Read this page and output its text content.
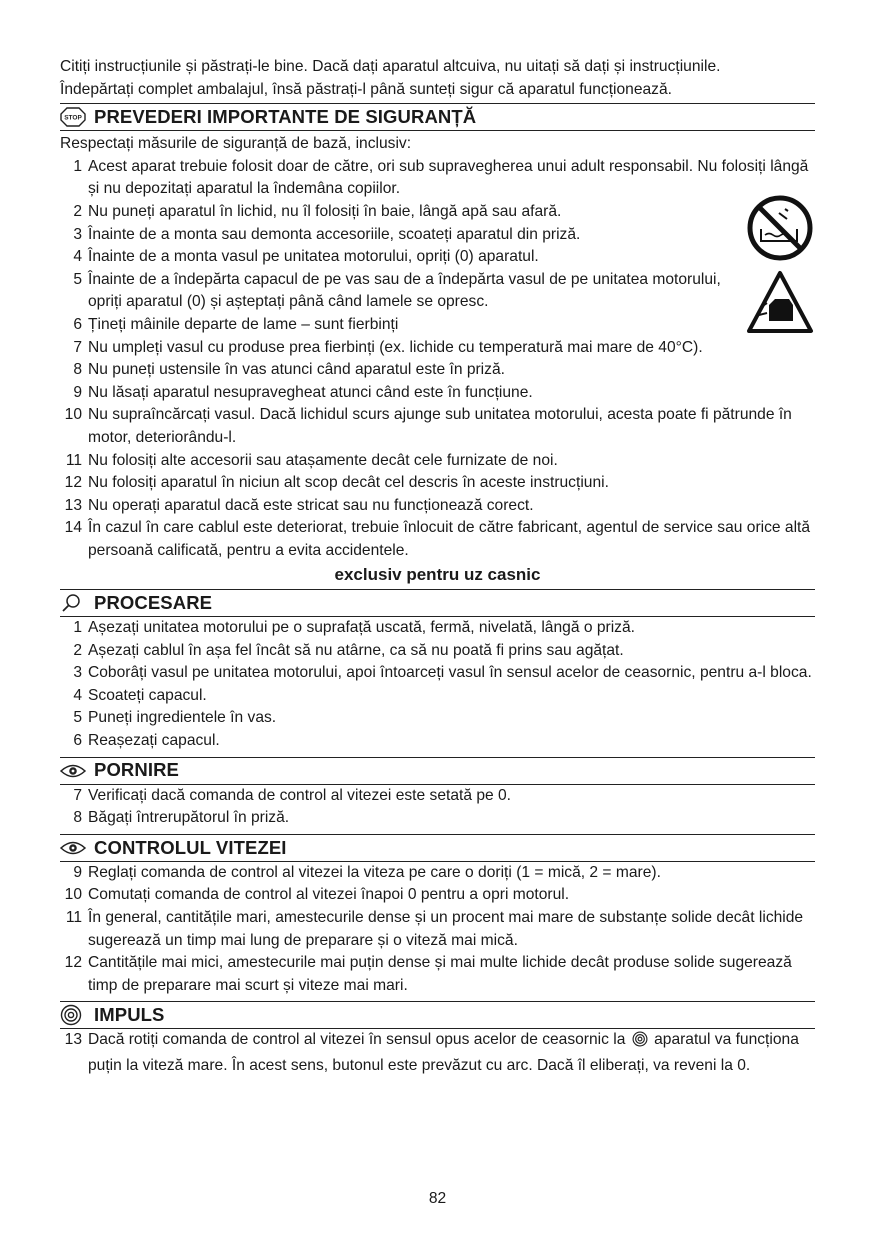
Citiți instrucțiunile și păstrați-le bine. Dacă dați aparatul altcuiva, nu uitați să dați și instrucțiunile.

Îndepărtați complet ambalajul, însă păstrați-l până sunteți sigur că aparatul funcționează.

STOP PREVEDERI IMPORTANTE DE SIGURANȚĂ

Respectați măsurile de siguranță de bază, inclusiv:

1 Acest aparat trebuie folosit doar de către, ori sub supravegherea unui adult responsabil. Nu folosiți lângă și nu depozitați aparatul la îndemâna copiilor.
2 Nu puneți aparatul în lichid, nu îl folosiți în baie, lângă apă sau afară.
3 Înainte de a monta sau demonta accesoriile, scoateți aparatul din priză.
4 Înainte de a monta vasul pe unitatea motorului, opriți (0) aparatul.
5 Înainte de a îndepărta capacul de pe vas sau de a îndepărta vasul de pe unitatea motorului, opriți aparatul (0) și așteptați până când lamele se opresc.
6 Țineți mâinile departe de lame – sunt fierbinți
7 Nu umpleți vasul cu produse prea fierbinți (ex. lichide cu temperatură mai mare de 40°C).
8 Nu puneți ustensile în vas atunci când aparatul este în priză.
9 Nu lăsați aparatul nesupravegheat atunci când este în funcțiune.
10 Nu supraîncărcați vasul. Dacă lichidul scurs ajunge sub unitatea motorului, acesta poate fi pătrunde în motor, deteriorându-l.
11 Nu folosiți alte accesorii sau atașamente decât cele furnizate de noi.
12 Nu folosiți aparatul în niciun alt scop decât cel descris în aceste instrucțiuni.
13 Nu operați aparatul dacă este stricat sau nu funcționează corect.
14 În cazul în care cablul este deteriorat, trebuie înlocuit de către fabricant, agentul de service sau orice altă persoană calificată, pentru a evita accidentele.

exclusiv pentru uz casnic

PROCESARE
1 Așezați unitatea motorului pe o suprafață uscată, fermă, nivelată, lângă o priză.
2 Așezați cablul în așa fel încât să nu atârne, ca să nu poată fi prins sau agățat.
3 Coborâți vasul pe unitatea motorului, apoi întoarceți vasul în sensul acelor de ceasornic, pentru a-l bloca.
4 Scoateți capacul.
5 Puneți ingredientele în vas.
6 Reașezați capacul.
PORNIRE
7 Verificați dacă comanda de control al vitezei este setată pe 0.
8 Băgați întrerupătorul în priză.
CONTROLUL VITEZEI
9 Reglați comanda de control al vitezei la viteza pe care o doriți (1 = mică, 2 = mare).
10 Comutați comanda de control al vitezei înapoi 0 pentru a opri motorul.
11 În general, cantitățile mari, amestecurile dense și un procent mai mare de substanțe solide decât lichide sugerează un timp mai lung de preparare și o viteză mai mică.
12 Cantitățile mai mici, amestecurile mai puțin dense și mai multe lichide decât produse solide sugerează timp de preparare mai scurt și viteze mai mari.
IMPULS
13 Dacă rotiți comanda de control al vitezei în sensul opus acelor de ceasornic la aparatul va funcționa puțin la viteză mare. În acest sens, butonul este prevăzut cu arc. Dacă îl eliberați, va reveni la 0.
82
